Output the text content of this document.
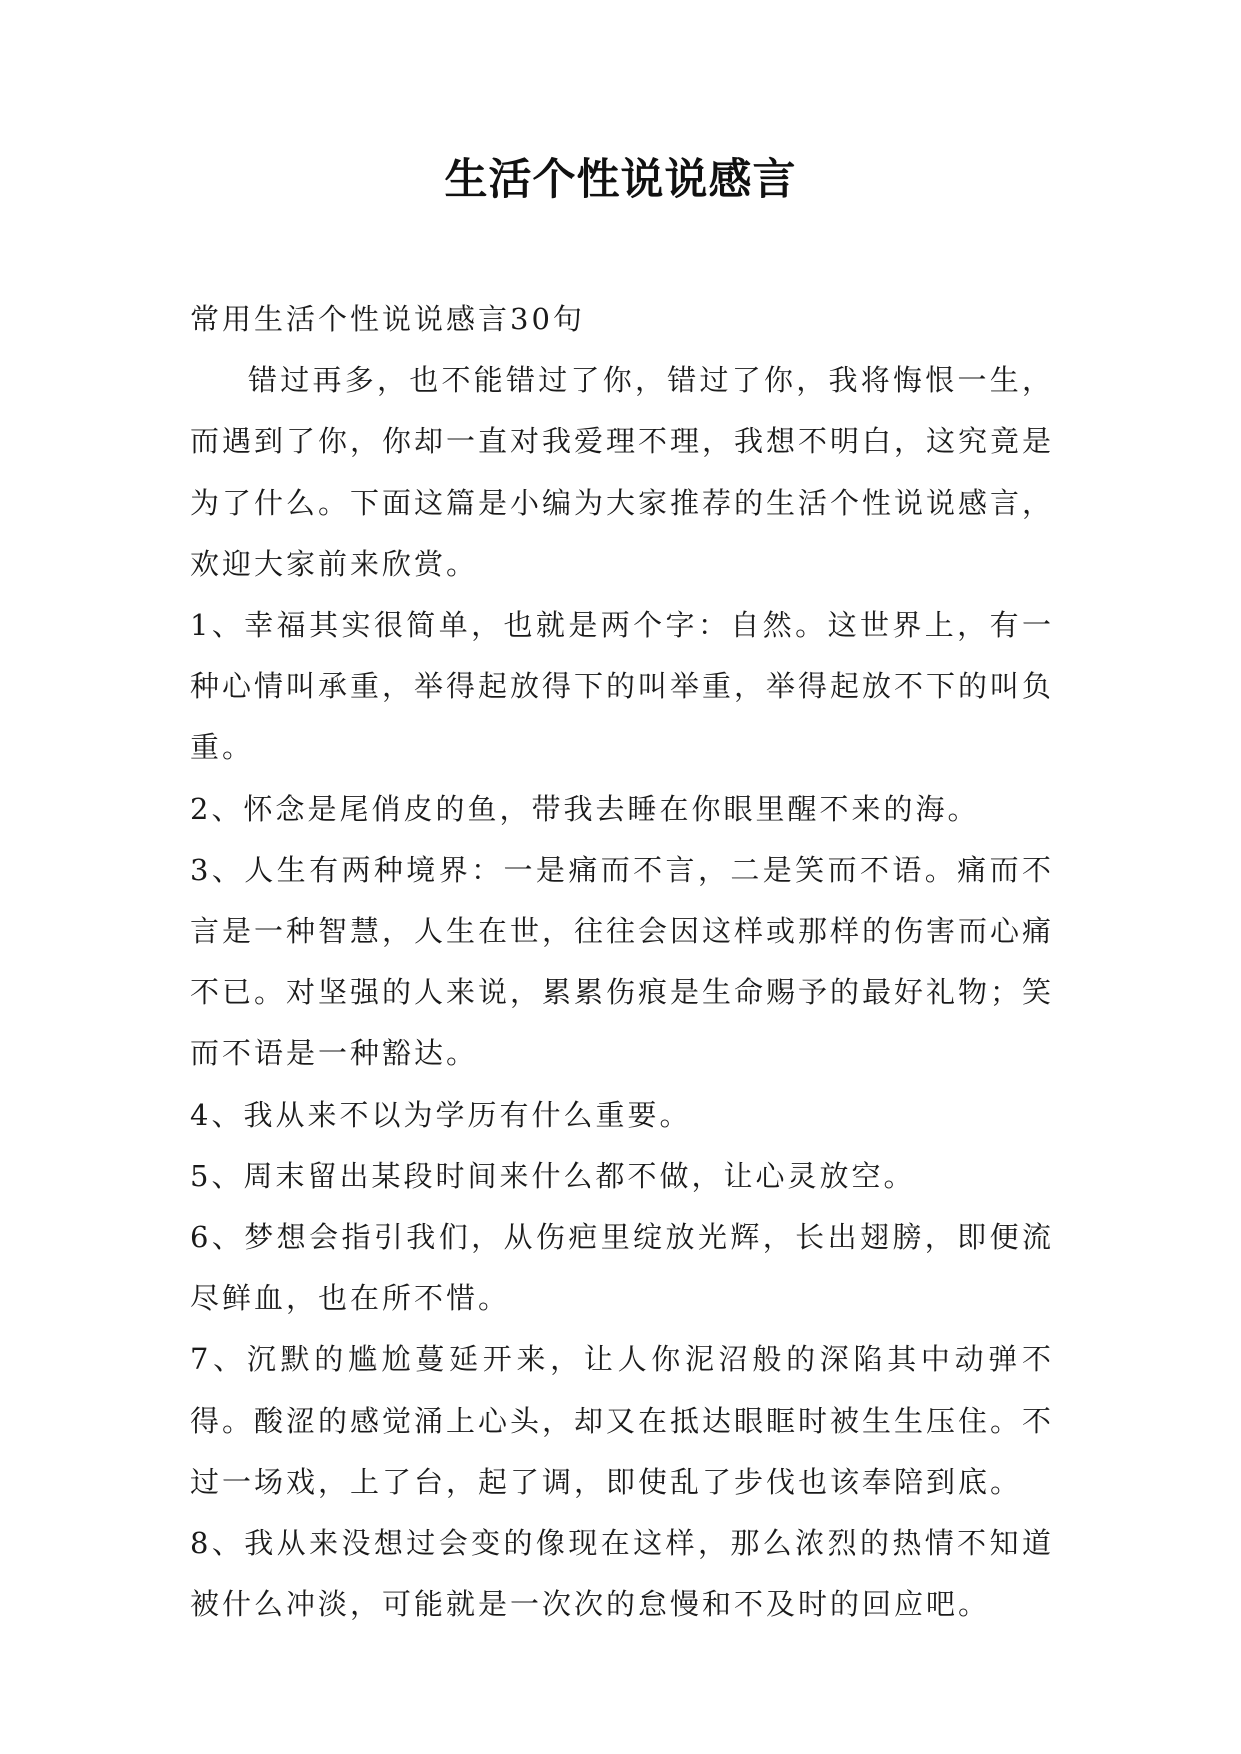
生活个性说说感言

常用生活个性说说感言30句

错过再多，也不能错过了你，错过了你，我将悔恨一生，而遇到了你，你却一直对我爱理不理，我想不明白，这究竟是为了什么。下面这篇是小编为大家推荐的生活个性说说感言，欢迎大家前来欣赏。

1、幸福其实很简单，也就是两个字：自然。这世界上，有一种心情叫承重，举得起放得下的叫举重，举得起放不下的叫负重。

2、怀念是尾俏皮的鱼，带我去睡在你眼里醒不来的海。

3、人生有两种境界：一是痛而不言，二是笑而不语。痛而不言是一种智慧，人生在世，往往会因这样或那样的伤害而心痛不已。对坚强的人来说，累累伤痕是生命赐予的最好礼物；笑而不语是一种豁达。

4、我从来不以为学历有什么重要。

5、周末留出某段时间来什么都不做，让心灵放空。

6、梦想会指引我们，从伤疤里绽放光辉，长出翅膀，即便流尽鲜血，也在所不惜。

7、沉默的尴尬蔓延开来，让人你泥沼般的深陷其中动弹不得。酸涩的感觉涌上心头，却又在抵达眼眶时被生生压住。不过一场戏，上了台，起了调，即使乱了步伐也该奉陪到底。

8、我从来没想过会变的像现在这样，那么浓烈的热情不知道被什么冲淡，可能就是一次次的怠慢和不及时的回应吧。
